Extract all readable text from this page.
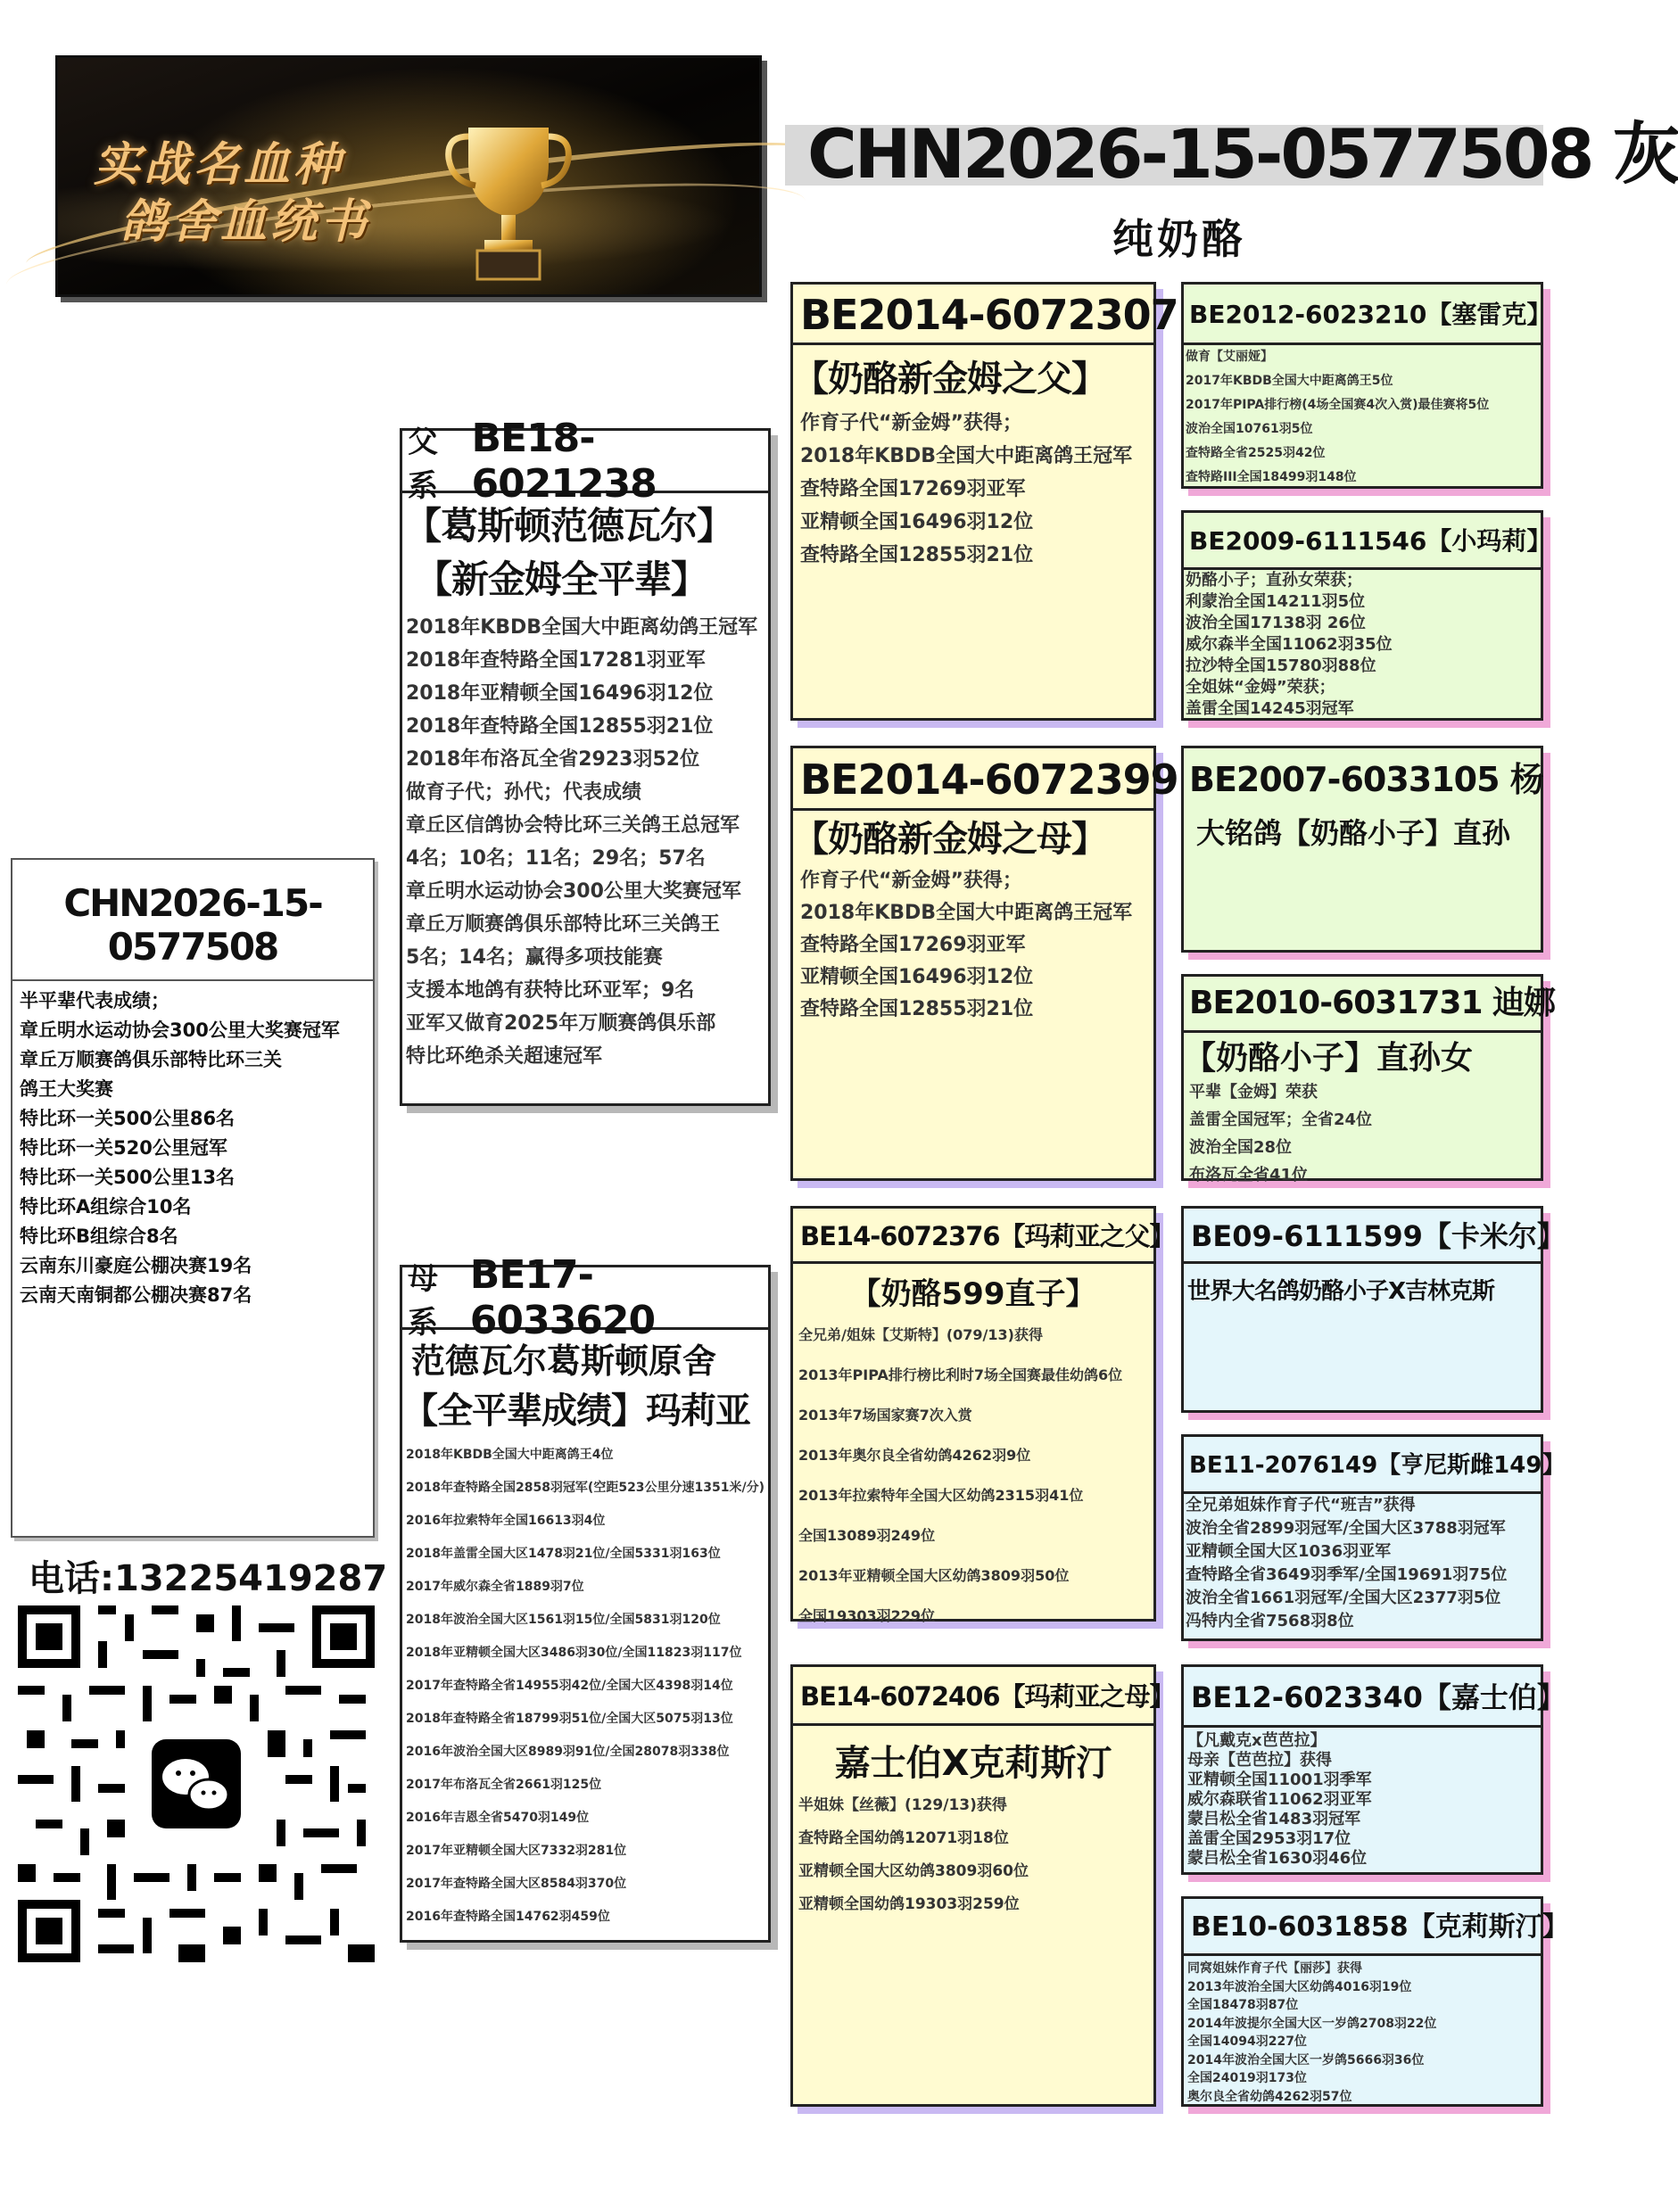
实战名血种
鸽舍血统书
CHN2026-15-0577508 灰
纯奶酪
CHN2026-15-0577508
半平辈代表成绩；
章丘明水运动协会300公里大奖赛冠军
章丘万顺赛鸽俱乐部特比环三关
鸽王大奖赛
特比环一关500公里86名
特比环一关520公里冠军
特比环一关500公里13名
特比环A组综合10名
特比环B组综合8名
云南东川豪庭公棚决赛19名
云南天南铜都公棚决赛87名
电话:13225419287
父系
BE18-6021238
【葛斯顿范德瓦尔】
【新金姆全平辈】
2018年KBDB全国大中距离幼鸽王冠军
2018年查特路全国17281羽亚军
2018年亚精顿全国16496羽12位
2018年查特路全国12855羽21位
2018年布洛瓦全省2923羽52位
做育子代；孙代；代表成绩
章丘区信鸽协会特比环三关鸽王总冠军
4名；10名；11名；29名；57名
章丘明水运动协会300公里大奖赛冠军
章丘万顺赛鸽俱乐部特比环三关鸽王
5名；14名；赢得多项技能赛
支援本地鸽有获特比环亚军；9名
亚军又做育2025年万顺赛鸽俱乐部
特比环绝杀关超速冠军
母系
BE17-6033620
范德瓦尔葛斯顿原舍
【全平辈成绩】玛莉亚
2018年KBDB全国大中距离鸽王4位
2018年查特路全国2858羽冠军(空距523公里分速1351米/分)
2016年拉索特年全国16613羽4位
2018年盖雷全国大区1478羽21位/全国5331羽163位
2017年威尔森全省1889羽7位
2018年波治全国大区1561羽15位/全国5831羽120位
2018年亚精顿全国大区3486羽30位/全国11823羽117位
2017年查特路全省14955羽42位/全国大区4398羽14位
2018年查特路全省18799羽51位/全国大区5075羽13位
2016年波治全国大区8989羽91位/全国28078羽338位
2017年布洛瓦全省2661羽125位
2016年吉恩全省5470羽149位
2017年亚精顿全国大区7332羽281位
2017年查特路全国大区8584羽370位
2016年查特路全国14762羽459位
BE2014-6072307
【奶酪新金姆之父】
作育子代“新金姆”获得；
2018年KBDB全国大中距离鸽王冠军
查特路全国17269羽亚军
亚精顿全国16496羽12位
查特路全国12855羽21位
BE2014-6072399
【奶酪新金姆之母】
作育子代“新金姆”获得；
2018年KBDB全国大中距离鸽王冠军
查特路全国17269羽亚军
亚精顿全国16496羽12位
查特路全国12855羽21位
BE14-6072376【玛莉亚之父】
【奶酪599直子】
全兄弟/姐妹【艾斯特】(079/13)获得
2013年PIPA排行榜比利时7场全国赛最佳幼鸽6位
2013年7场国家赛7次入赏
2013年奥尔良全省幼鸽4262羽9位
2013年拉索特年全国大区幼鸽2315羽41位
全国13089羽249位
2013年亚精顿全国大区幼鸽3809羽50位
全国19303羽229位
BE14-6072406【玛莉亚之母】
嘉士伯X克莉斯汀
半姐妹【丝薇】(129/13)获得
查特路全国幼鸽12071羽18位
亚精顿全国大区幼鸽3809羽60位
亚精顿全国幼鸽19303羽259位
BE2012-6023210【塞雷克】
做育【艾丽娅】
2017年KBDB全国大中距离鸽王5位
2017年PIPA排行榜(4场全国赛4次入赏)最佳赛将5位
波治全国10761羽5位
查特路全省2525羽42位
查特路III全国18499羽148位
BE2009-6111546【小玛莉】
奶酪小子；直孙女荣获；
利蒙治全国14211羽5位
波治全国17138羽 26位
威尔森半全国11062羽35位
拉沙特全国15780羽88位
全姐妹“金姆”荣获；
盖雷全国14245羽冠军
BE2007-6033105 杨
大铭鸽【奶酪小子】直孙
BE2010-6031731 迪娜
【奶酪小子】直孙女
平辈【金姆】荣获
盖雷全国冠军；全省24位
波治全国28位
布洛瓦全省41位
BE09-6111599【卡米尔】
世界大名鸽奶酪小子X吉林克斯
BE11-2076149【亨尼斯雌149】
全兄弟姐妹作育子代“班吉”获得
波治全省2899羽冠军/全国大区3788羽冠军
亚精顿全国大区1036羽亚军
查特路全省3649羽季军/全国19691羽75位
波治全省1661羽冠军/全国大区2377羽5位
冯特内全省7568羽8位
BE12-6023340【嘉士伯】
【凡戴克x芭芭拉】
母亲【芭芭拉】获得
亚精顿全国11001羽季军
威尔森联省11062羽亚军
蒙吕松全省1483羽冠军
盖雷全国2953羽17位
蒙吕松全省1630羽46位
BE10-6031858【克莉斯汀】
同窝姐妹作育子代【丽莎】获得
2013年波治全国大区幼鸽4016羽19位
全国18478羽87位
2014年波提尔全国大区一岁鸽2708羽22位
全国14094羽227位
2014年波治全国大区一岁鸽5666羽36位
全国24019羽173位
奥尔良全省幼鸽4262羽57位
